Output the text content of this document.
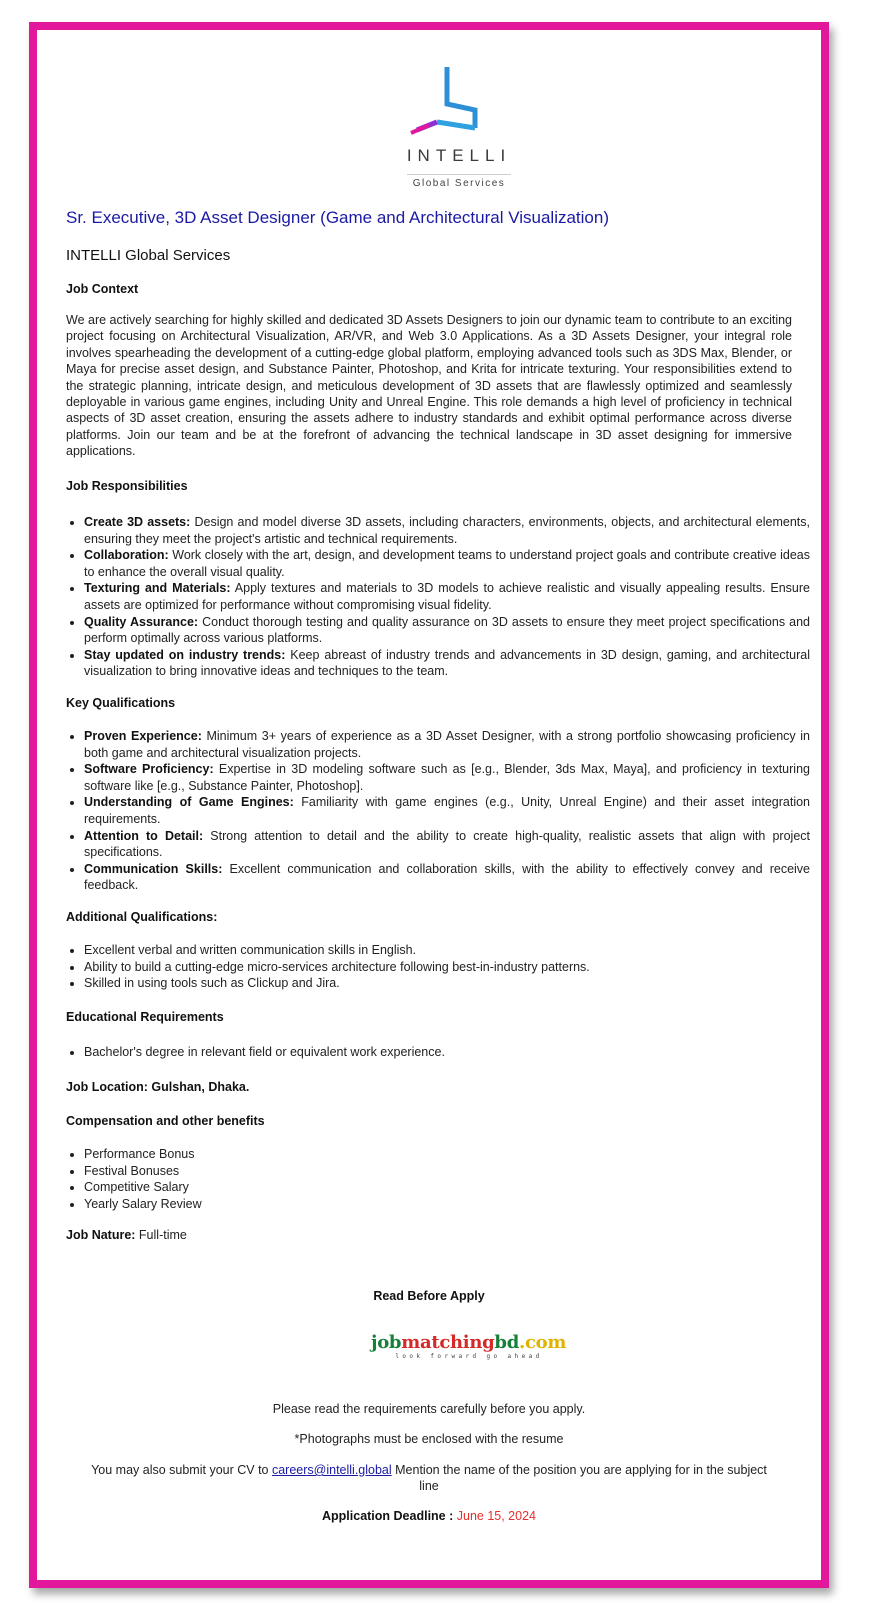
INTELLI
Global Services
Sr. Executive, 3D Asset Designer (Game and Architectural Visualization)
INTELLI Global Services
Job Context
We are actively searching for highly skilled and dedicated 3D Assets Designers to join our dynamic team to contribute to an exciting project focusing on Architectural Visualization, AR/VR, and Web 3.0 Applications. As a 3D Assets Designer, your integral role involves spearheading the development of a cutting-edge global platform, employing advanced tools such as 3DS Max, Blender, or Maya for precise asset design, and Substance Painter, Photoshop, and Krita for intricate texturing. Your responsibilities extend to the strategic planning, intricate design, and meticulous development of 3D assets that are flawlessly optimized and seamlessly deployable in various game engines, including Unity and Unreal Engine. This role demands a high level of proficiency in technical aspects of 3D asset creation, ensuring the assets adhere to industry standards and exhibit optimal performance across diverse platforms. Join our team and be at the forefront of advancing the technical landscape in 3D asset designing for immersive applications.
Job Responsibilities
• Create 3D assets: Design and model diverse 3D assets, including characters, environments, objects, and architectural elements, ensuring they meet the project's artistic and technical requirements.
• Collaboration: Work closely with the art, design, and development teams to understand project goals and contribute creative ideas to enhance the overall visual quality.
• Texturing and Materials: Apply textures and materials to 3D models to achieve realistic and visually appealing results. Ensure assets are optimized for performance without compromising visual fidelity.
• Quality Assurance: Conduct thorough testing and quality assurance on 3D assets to ensure they meet project specifications and perform optimally across various platforms.
• Stay updated on industry trends: Keep abreast of industry trends and advancements in 3D design, gaming, and architectural visualization to bring innovative ideas and techniques to the team.
Key Qualifications
• Proven Experience: Minimum 3+ years of experience as a 3D Asset Designer, with a strong portfolio showcasing proficiency in both game and architectural visualization projects.
• Software Proficiency: Expertise in 3D modeling software such as [e.g., Blender, 3ds Max, Maya], and proficiency in texturing software like [e.g., Substance Painter, Photoshop].
• Understanding of Game Engines: Familiarity with game engines (e.g., Unity, Unreal Engine) and their asset integration requirements.
• Attention to Detail: Strong attention to detail and the ability to create high-quality, realistic assets that align with project specifications.
• Communication Skills: Excellent communication and collaboration skills, with the ability to effectively convey and receive feedback.
Additional Qualifications:
• Excellent verbal and written communication skills in English.
• Ability to build a cutting-edge micro-services architecture following best-in-industry patterns.
• Skilled in using tools such as Clickup and Jira.
Educational Requirements
• Bachelor's degree in relevant field or equivalent work experience.
Job Location: Gulshan, Dhaka.
Compensation and other benefits
• Performance Bonus
• Festival Bonuses
• Competitive Salary
• Yearly Salary Review
Job Nature: Full-time
Read Before Apply
jobmatchingbd.com
look forward go ahead
Please read the requirements carefully before you apply.
*Photographs must be enclosed with the resume
You may also submit your CV to careers@intelli.global Mention the name of the position you are applying for in the subject line
Application Deadline : June 15, 2024
